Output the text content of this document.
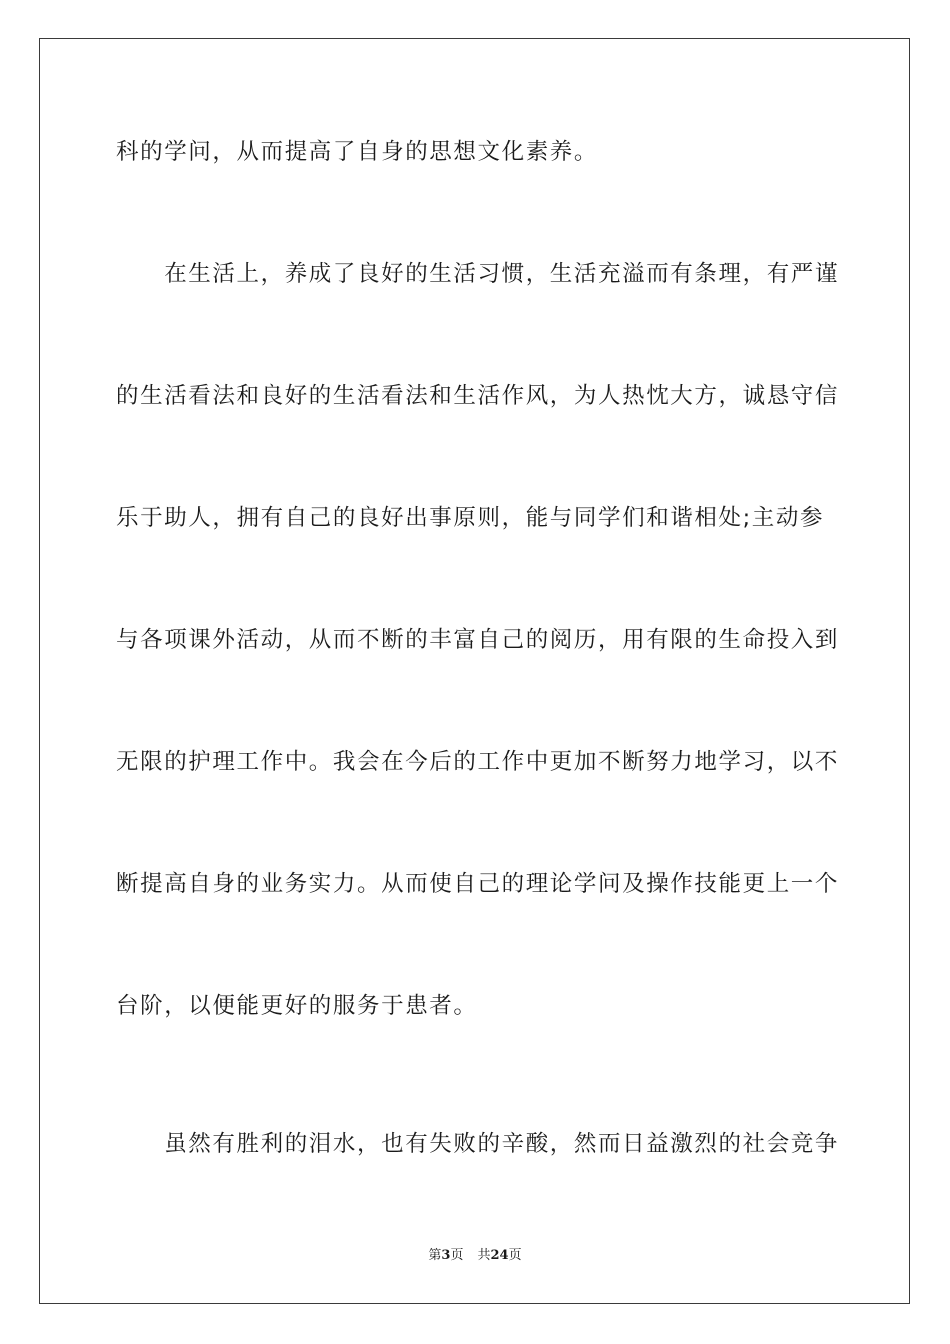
科的学问，从而提高了自身的思想文化素养。
　　在生活上，养成了良好的生活习惯，生活充溢而有条理，有严谨
的生活看法和良好的生活看法和生活作风，为人热忱大方，诚恳守信
乐于助人，拥有自己的良好出事原则，能与同学们和谐相处;主动参
与各项课外活动，从而不断的丰富自己的阅历，用有限的生命投入到
无限的护理工作中。我会在今后的工作中更加不断努力地学习，以不
断提高自身的业务实力。从而使自己的理论学问及操作技能更上一个
台阶，以便能更好的服务于患者。
　　虽然有胜利的泪水，也有失败的辛酸，然而日益激烈的社会竞争
第3页 共24页
